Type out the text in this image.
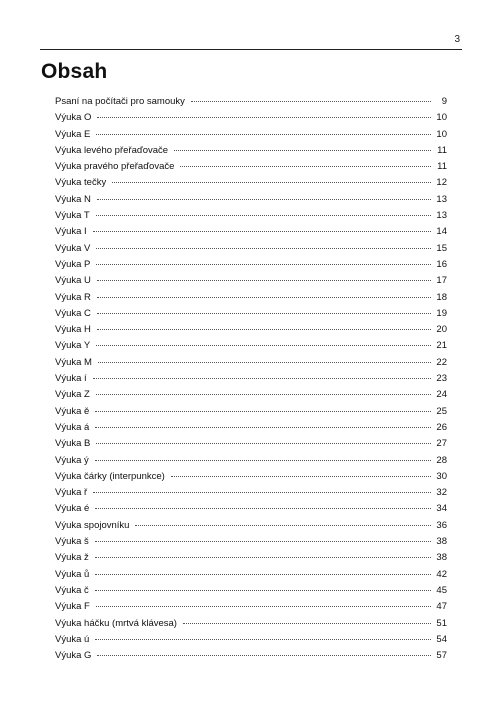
3
Obsah
Psaní na počítači pro samouky	9
Výuka O	10
Výuka E	10
Výuka levého přeřaďovače	11
Výuka pravého přeřaďovače	11
Výuka tečky	12
Výuka N	13
Výuka T	13
Výuka I	14
Výuka V	15
Výuka P	16
Výuka U	17
Výuka R	18
Výuka C	19
Výuka H	20
Výuka Y	21
Výuka M	22
Výuka í	23
Výuka Z	24
Výuka ě	25
Výuka á	26
Výuka B	27
Výuka ý	28
Výuka čárky (interpunkce)	30
Výuka ř	32
Výuka é	34
Výuka spojovníku	36
Výuka š	38
Výuka ž	38
Výuka ů	42
Výuka č	45
Výuka F	47
Výuka háčku (mrtvá klávesa)	51
Výuka ú	54
Výuka G	57
